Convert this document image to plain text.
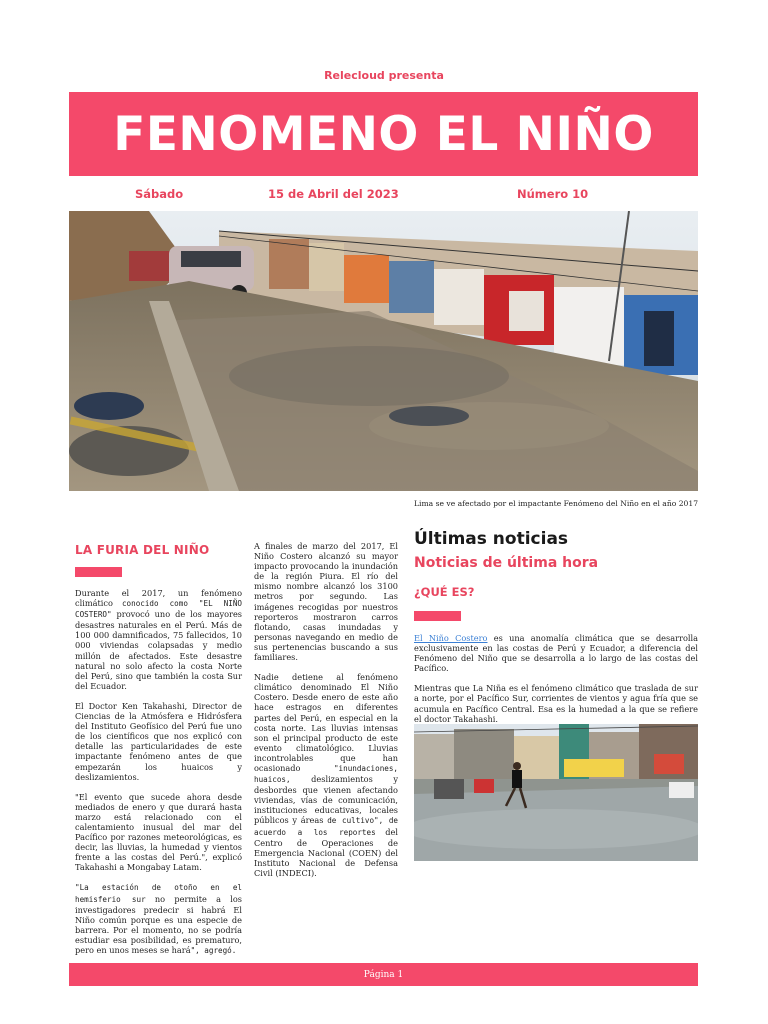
Relecloud presenta
FENOMENO EL NIÑO
Sábado	15 de Abril del 2023	Número 10
Lima se ve afectado por el impactante Fenómeno del Niño en el año 2017
LA FURIA DEL NIÑO

Durante el 2017, un fenómeno climático conocido como "EL NIÑO COSTERO" provocó uno de los mayores desastres naturales en el Perú. Más de 100 000 damnificados, 75 fallecidos, 10 000 viviendas colapsadas y medio millón de afectados. Este desastre natural no solo afecto la costa Norte del Perú, sino que también la costa Sur del Ecuador.

El Doctor Ken Takahashi, Director de Ciencias de la Atmósfera e Hidrósfera del Instituto Geofísico del Perú fue uno de los científicos que nos explicó con detalle las particularidades de este impactante fenómeno antes de que empezarán los huaicos y deslizamientos.

"El evento que sucede ahora desde mediados de enero y que durará hasta marzo está relacionado con el calentamiento inusual del mar del Pacífico por razones meteorológicas, es decir, las lluvias, la humedad y vientos frente a las costas del Perú.", explicó Takahashi a Mongabay Latam.

"La estación de otoño en el hemisferio sur no permite a los investigadores predecir si habrá El Niño común porque es una especie de barrera. Por el momento, no se podría estudiar esa posibilidad, es prematuro, pero en unos meses se hará", agregó.

A finales de marzo del 2017, El Niño Costero alcanzó su mayor impacto provocando la inundación de la región Piura. El río del mismo nombre alcanzó los 3100 metros por segundo. Las imágenes recogidas por nuestros reporteros mostraron carros flotando, casas inundadas y personas navegando en medio de sus pertenencias buscando a sus familiares.

Nadie detiene al fenómeno climático denominado El Niño Costero. Desde enero de este año hace estragos en diferentes partes del Perú, en especial en la costa norte. Las lluvias intensas son el principal producto de este evento climatológico. Lluvias incontrolables que han ocasionado	"inundaciones, huaicos,	deslizamientos y desbordes que vienen afectando viviendas, vías de comunicación, instituciones educativas, locales públicos y áreas de cultivo", de acuerdo a los reportes del Centro de Operaciones de Emergencia Nacional (COEN) del Instituto Nacional de Defensa Civil (INDECI).

Últimas noticias
Noticias de última hora
¿QUÉ ES?

El Niño Costero es una anomalía climática que se desarrolla exclusivamente en las costas de Perú y Ecuador, a diferencia del Fenómeno del Niño que se desarrolla a lo largo de las costas del Pacífico.

Mientras que La Niña es el fenómeno climático que traslada de sur a norte, por el Pacífico Sur, corrientes de vientos y agua fría que se acumula en Pacífico Central. Esa es la humedad a la que se refiere el doctor Takahashi.

Página 1
